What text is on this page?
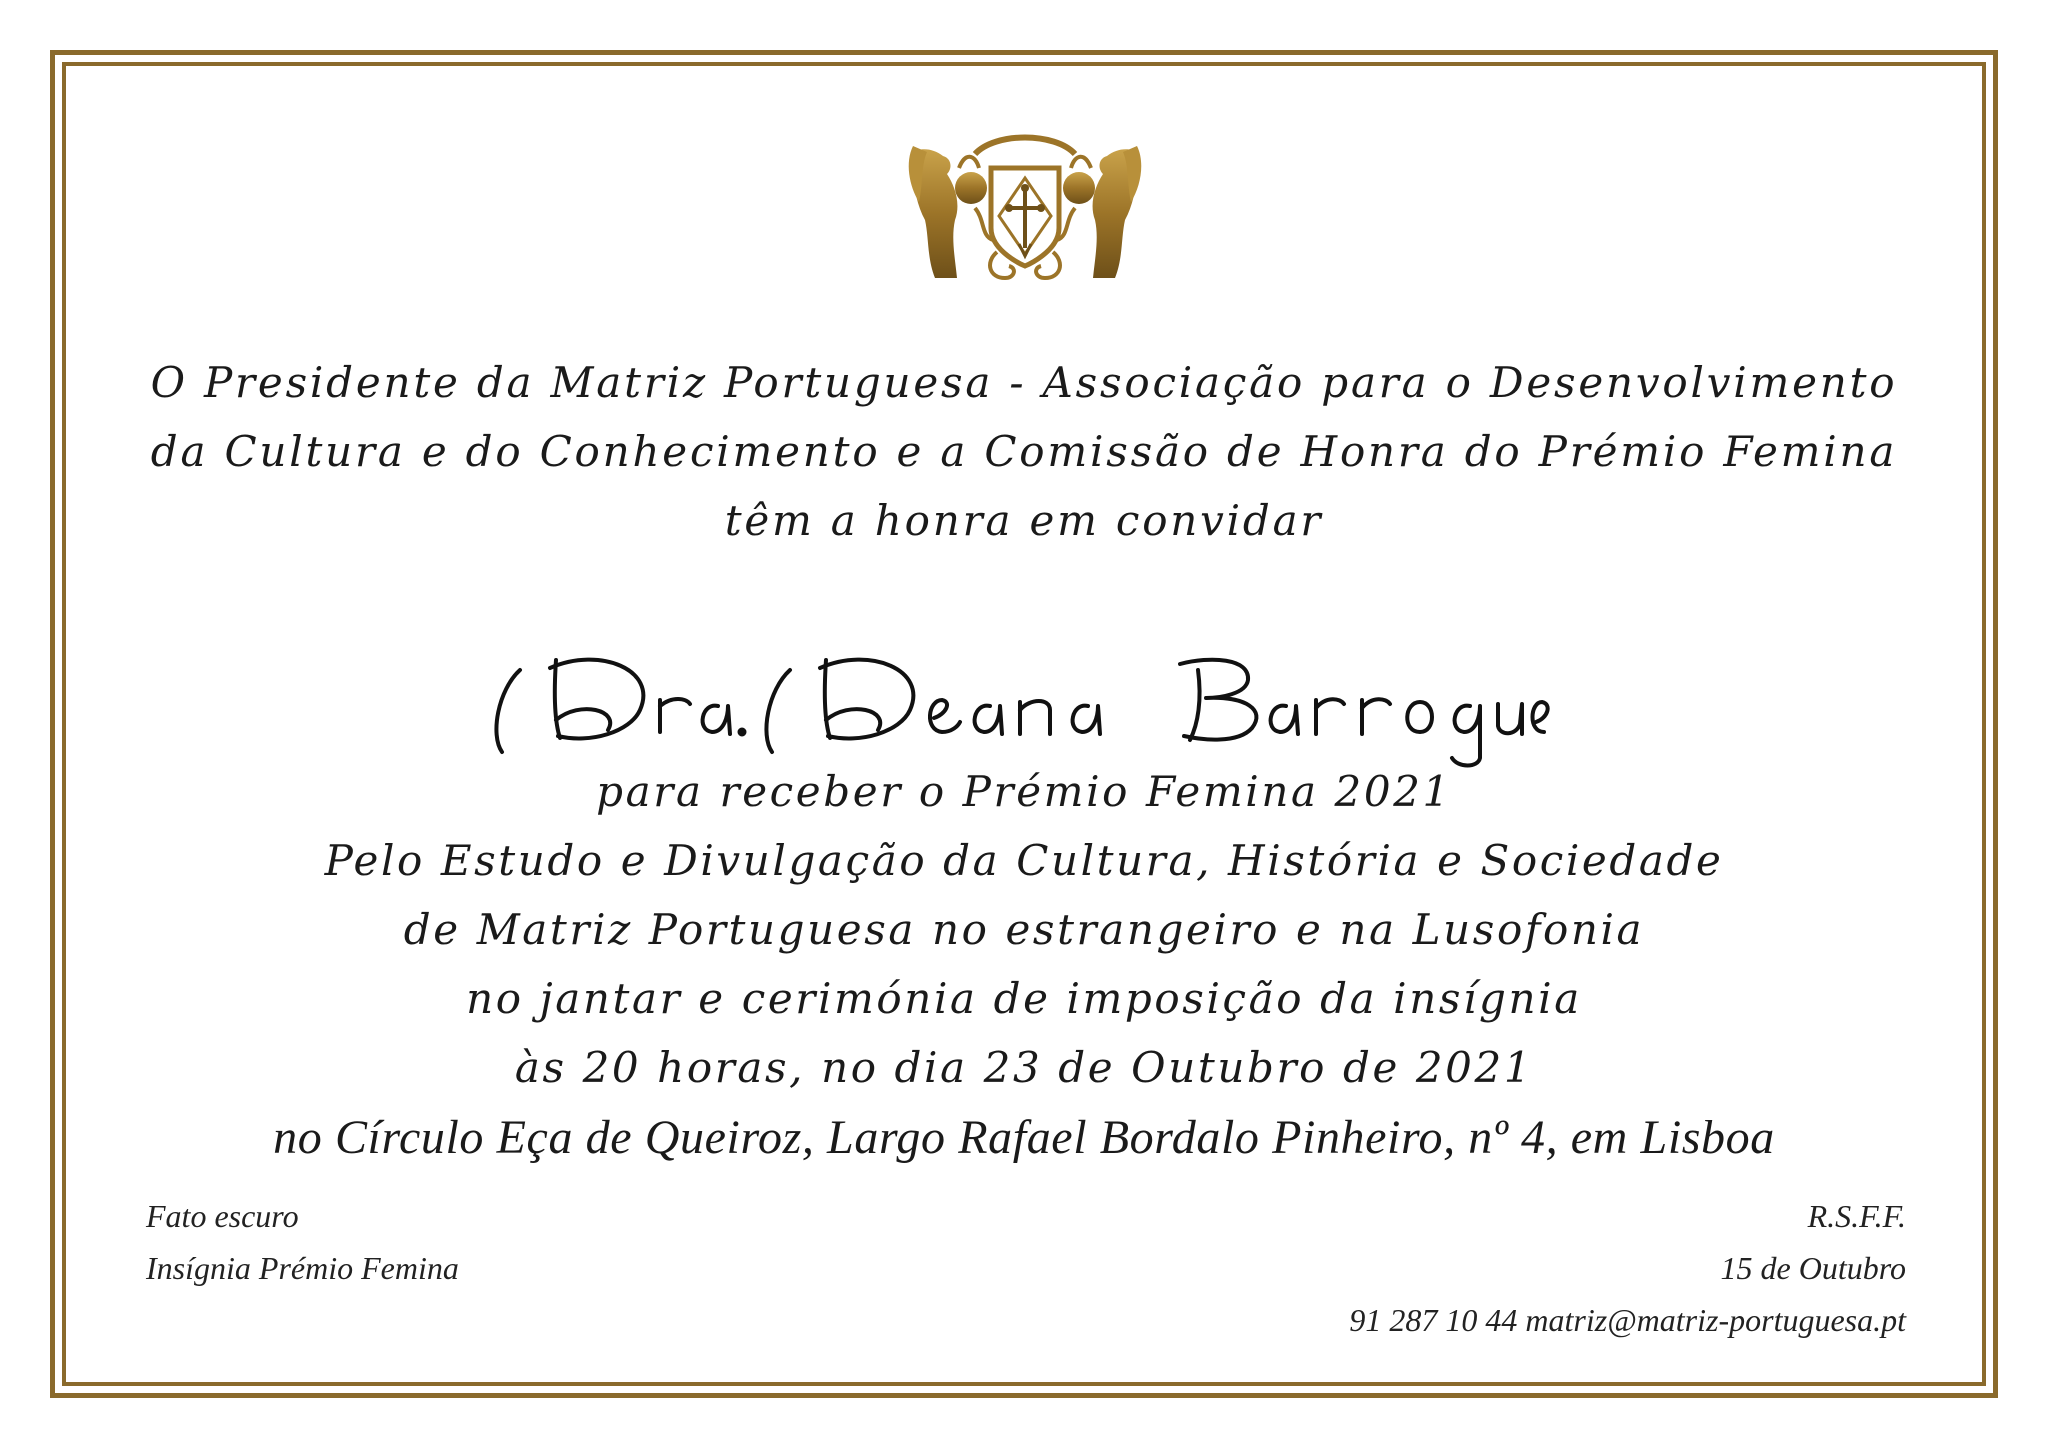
O Presidente da Matriz Portuguesa - Associação para o Desenvolvimento
da Cultura e do Conhecimento e a Comissão de Honra do Prémio Femina
têm a honra em convidar
para receber o Prémio Femina 2021
Pelo Estudo e Divulgação da Cultura, História e Sociedade
de Matriz Portuguesa no estrangeiro e na Lusofonia
no jantar e cerimónia de imposição da insígnia
às 20 horas, no dia 23 de Outubro de 2021
no Círculo Eça de Queiroz, Largo Rafael Bordalo Pinheiro, nº 4, em Lisboa
Fato escuro
Insígnia Prémio Femina
R.S.F.F.
15 de Outubro
91 287 10 44 matriz@matriz-portuguesa.pt
